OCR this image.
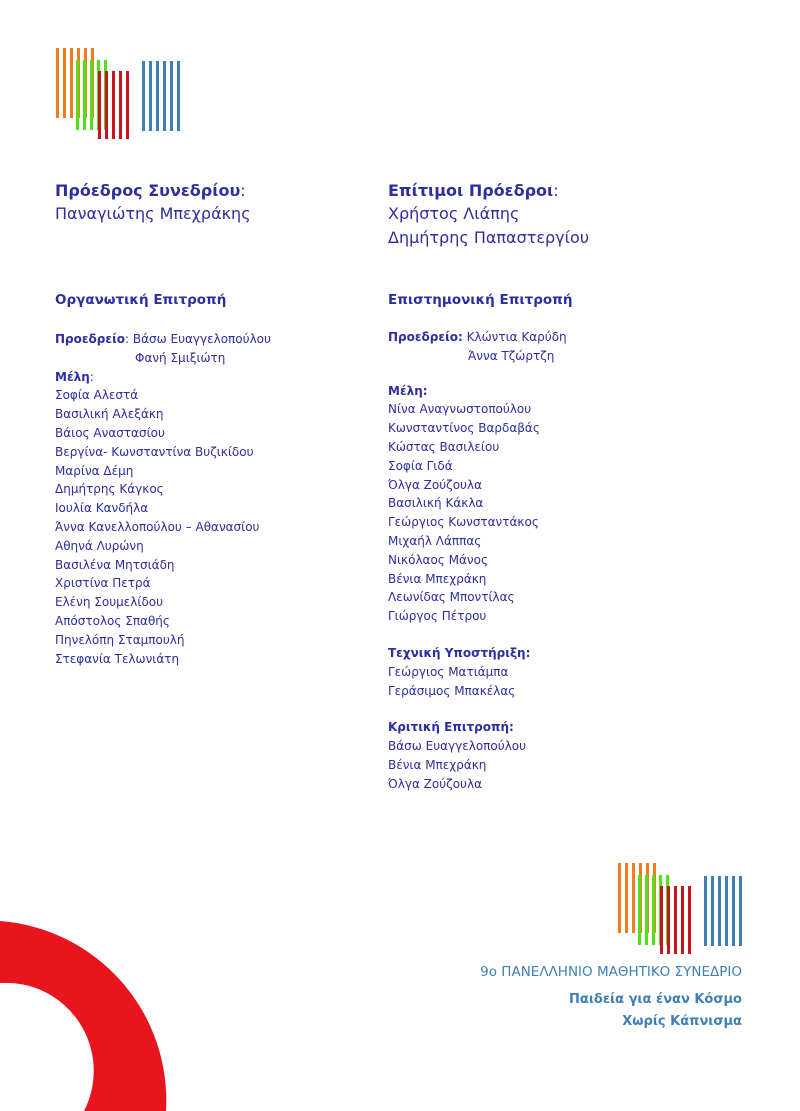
Πρόεδρος Συνεδρίου:

Παναγιώτης Μπεχράκης

Επίτιμοι Πρόεδροι:

Χρήστος Λιάπης

Δημήτρης Παπαστεργίου

Οργανωτική Επιτροπή

Προεδρείο: Βάσω Ευαγγελοπούλου

Φανή Σμιξιώτη

Μέλη:

Σοφία Αλεστά
Βασιλική Αλεξάκη
Βάιος Αναστασίου
Βεργίνα- Κωνσταντίνα Βυζικίδου
Μαρίνα Δέμη
Δημήτρης Κάγκος
Ιουλία Κανδήλα
Άννα Κανελλοπούλου – Αθανασίου
Αθηνά Λυρώνη
Βασιλένα Μητσιάδη
Χριστίνα Πετρά
Ελένη Σουμελίδου
Απόστολος Σπαθής
Πηνελόπη Σταμπουλή
Στεφανία Τελωνιάτη

Επιστημονική Επιτροπή

Προεδρείο: Κλώντια Καρύδη

Άννα Τζώρτζη

Μέλη:

Νίνα Αναγνωστοπούλου
Κωνσταντίνος Βαρδαβάς
Κώστας Βασιλείου
Σοφία Γιδά
Όλγα Ζούζουλα
Βασιλική Κάκλα
Γεώργιος Κωνσταντάκος
Μιχαήλ Λάππας
Νικόλαος Μάνος
Βένια Μπεχράκη
Λεωνίδας Μποντίλας
Γιώργος Πέτρου

Τεχνική Υποστήριξη:

Γεώργιος Ματιάμπα
Γεράσιμος Μπακέλας

Κριτική Επιτροπή:

Βάσω Ευαγγελοπούλου
Βένια Μπεχράκη
Όλγα Ζούζουλα

9ο ΠΑΝΕΛΛΗΝΙΟ ΜΑΘΗΤΙΚΟ ΣΥΝΕΔΡΙΟ

Παιδεία για έναν Κόσμο

Χωρίς Κάπνισμα
